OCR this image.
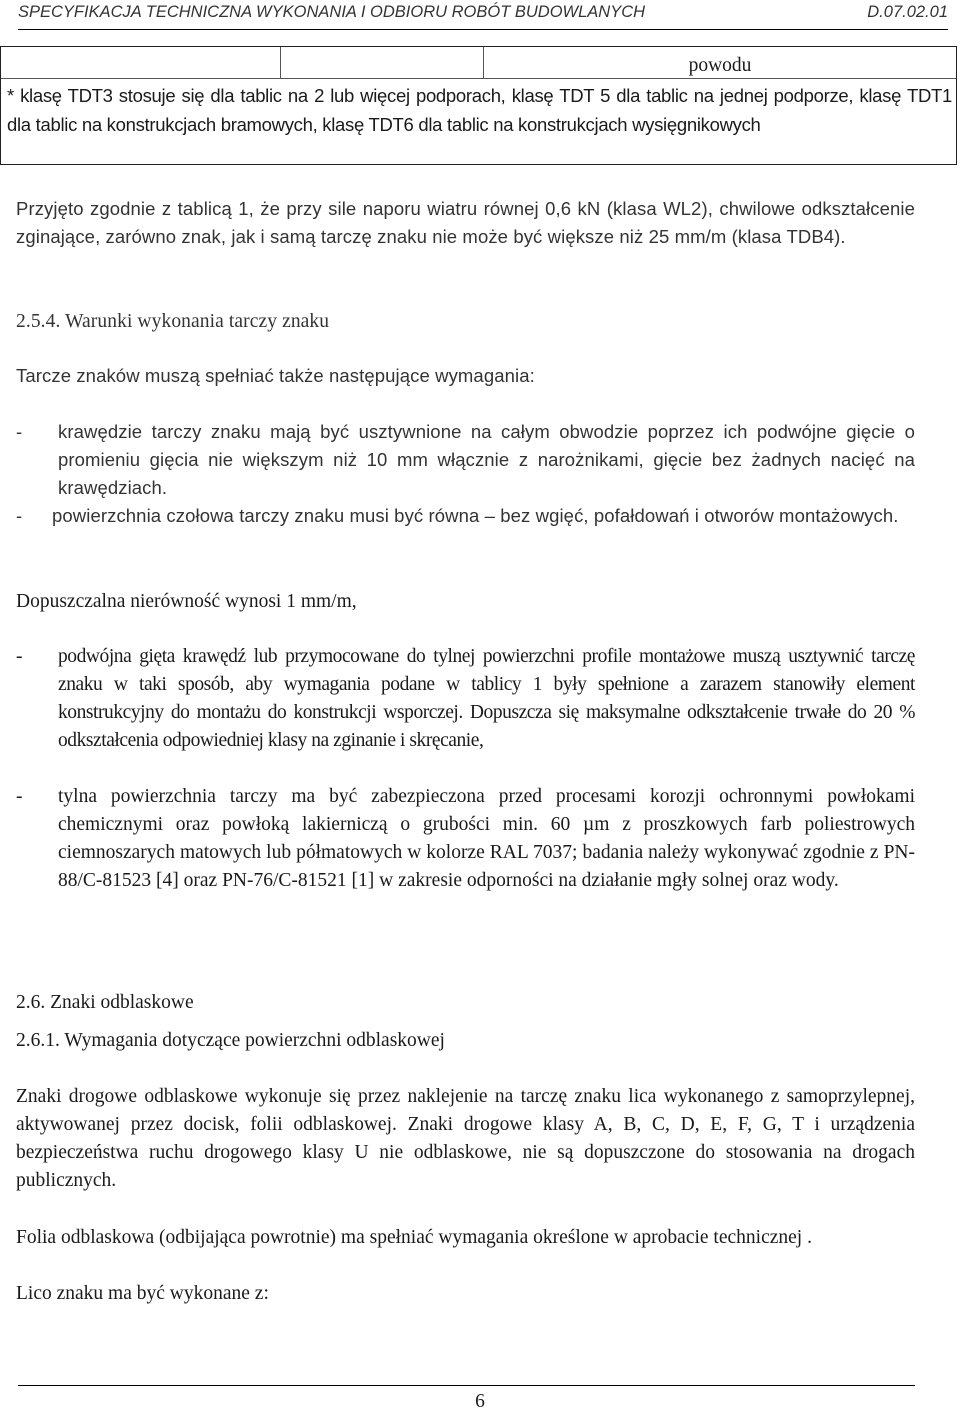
SPECYFIKACJA TECHNICZNA WYKONANIA I ODBIORU ROBÓT BUDOWLANYCH	D.07.02.01
powodu
* klasę TDT3 stosuje się dla tablic na 2 lub więcej podporach, klasę TDT 5 dla tablic na jednej podporze, klasę TDT1 dla tablic na konstrukcjach bramowych, klasę TDT6 dla tablic na konstrukcjach wysięgnikowych
Przyjęto zgodnie z tablicą 1, że przy sile naporu wiatru równej 0,6 kN (klasa WL2), chwilowe odkształcenie zginające, zarówno znak, jak i samą tarczę znaku nie może być większe niż 25 mm/m (klasa TDB4).
2.5.4. Warunki wykonania tarczy znaku
Tarcze znaków muszą spełniać także następujące wymagania:
- krawędzie tarczy znaku mają być usztywnione na całym obwodzie poprzez ich podwójne gięcie o promieniu gięcia nie większym niż 10 mm włącznie z narożnikami, gięcie bez żadnych nacięć na krawędziach.
- powierzchnia czołowa tarczy znaku musi być równa – bez wgięć, pofałdowań i otworów montażowych.
Dopuszczalna nierówność wynosi 1 mm/m,
- podwójna gięta krawędź lub przymocowane do tylnej powierzchni profile montażowe muszą usztywnić tarczę znaku w taki sposób, aby wymagania podane w tablicy 1 były spełnione a zarazem stanowiły element konstrukcyjny do montażu do konstrukcji wsporczej. Dopuszcza się maksymalne odkształcenie trwałe do 20 % odkształcenia odpowiedniej klasy na zginanie i skręcanie,
- tylna powierzchnia tarczy ma być zabezpieczona przed procesami korozji ochronnymi powłokami chemicznymi oraz powłoką lakierniczą o grubości min. 60 µm z proszkowych farb poliestrowych ciemnoszarych matowych lub półmatowych w kolorze RAL 7037; badania należy wykonywać zgodnie z PN-88/C-81523 [4] oraz PN-76/C-81521 [1] w zakresie odporności na działanie mgły solnej oraz wody.
2.6. Znaki odblaskowe
2.6.1. Wymagania dotyczące powierzchni odblaskowej
Znaki drogowe odblaskowe wykonuje się przez naklejenie na tarczę znaku lica wykonanego z samoprzylepnej, aktywowanej przez docisk, folii odblaskowej. Znaki drogowe klasy A, B, C, D, E, F, G, T i urządzenia bezpieczeństwa ruchu drogowego klasy U nie odblaskowe, nie są dopuszczone do stosowania na drogach publicznych.
Folia odblaskowa (odbijająca powrotnie) ma spełniać wymagania określone w aprobacie technicznej .
Lico znaku ma być wykonane z:
6
